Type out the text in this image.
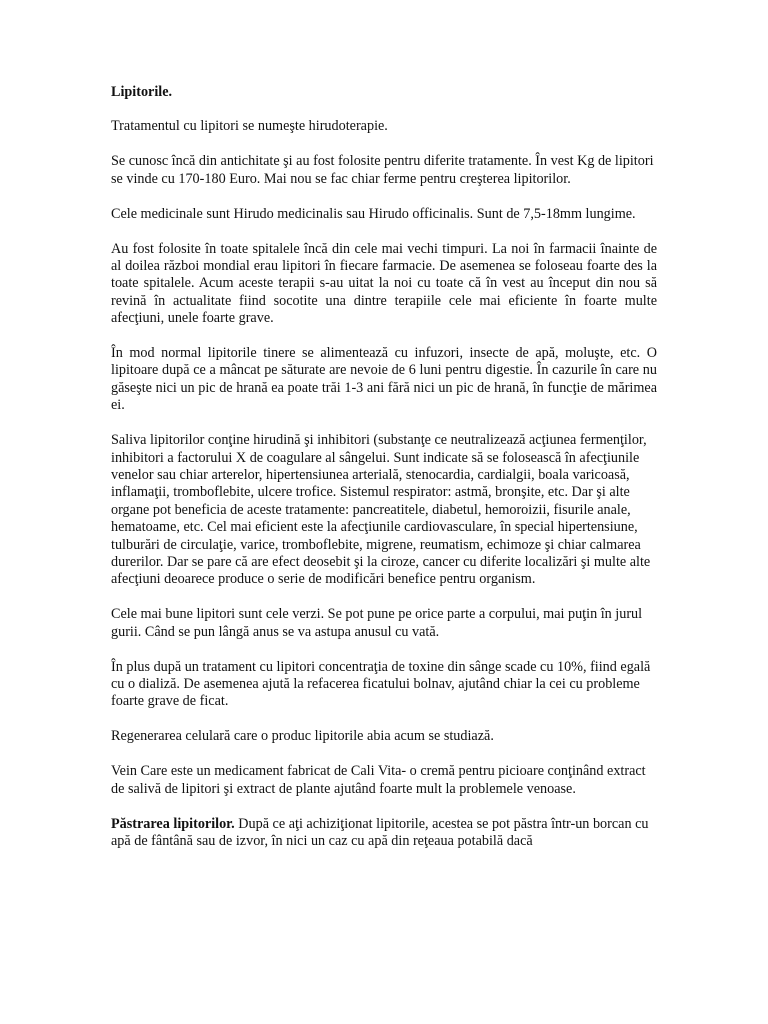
Lipitorile.
Tratamentul cu lipitori se numeşte hirudoterapie.
Se cunosc încă din antichitate şi au fost folosite pentru diferite tratamente. În vest Kg de lipitori se vinde cu 170-180 Euro. Mai nou se fac chiar ferme pentru creşterea lipitorilor.
Cele medicinale sunt Hirudo medicinalis sau Hirudo officinalis. Sunt de 7,5-18mm lungime.
Au fost folosite în toate spitalele încă din cele mai vechi timpuri. La noi în farmacii înainte de al doilea război mondial erau lipitori în fiecare farmacie. De asemenea se foloseau foarte des la toate spitalele. Acum aceste terapii s-au uitat la noi cu toate că în vest au început din nou să revină în actualitate fiind socotite una dintre terapiile cele mai eficiente în foarte multe afecţiuni, unele foarte grave.
În mod normal lipitorile tinere se alimentează cu infuzori, insecte de apă, moluşte, etc. O lipitoare după ce a mâncat pe săturate are nevoie de 6 luni pentru digestie. În cazurile în care nu găseşte nici un pic de hrană ea poate trăi 1-3 ani fără nici un pic de hrană, în funcţie de mărimea ei.
Saliva lipitorilor conţine hirudină şi inhibitori (substanţe ce neutralizează acţiunea fermenţilor, inhibitori a factorului X de coagulare al sângelui. Sunt indicate să se folosească în afecţiunile venelor sau chiar arterelor, hipertensiunea arterială, stenocardia, cardialgii, boala varicoasă, inflamaţii, tromboflebite, ulcere trofice. Sistemul respirator: astmă, bronşite, etc. Dar şi alte organe pot beneficia de aceste tratamente: pancreatitele, diabetul, hemoroizii, fisurile anale, hematoame, etc. Cel mai eficient este la afecţiunile cardiovasculare, în special hipertensiune, tulburări de circulaţie, varice, tromboflebite, migrene, reumatism, echimoze şi chiar calmarea durerilor. Dar se pare că are efect deosebit şi la ciroze, cancer cu diferite localizări şi multe alte afecţiuni deoarece produce o serie de modificări benefice pentru organism.
Cele mai bune lipitori sunt cele verzi. Se pot pune pe orice parte a corpului, mai puţin în jurul gurii. Când se pun lângă anus se va astupa anusul cu vată.
În plus după un tratament cu lipitori concentraţia de toxine din sânge scade cu 10%, fiind egală cu o dializă. De asemenea ajută la refacerea ficatului bolnav, ajutând chiar la cei cu probleme foarte grave de ficat.
Regenerarea celulară care o produc lipitorile abia acum se studiază.
Vein Care este un medicament fabricat de Cali Vita- o cremă pentru picioare conţinând extract de salivă de lipitori şi extract de plante ajutând foarte mult la problemele venoase.
Păstrarea lipitorilor. După ce aţi achiziţionat lipitorile, acestea se pot păstra într-un borcan cu apă de fântână sau de izvor, în nici un caz cu apă din reţeaua potabilă dacă
